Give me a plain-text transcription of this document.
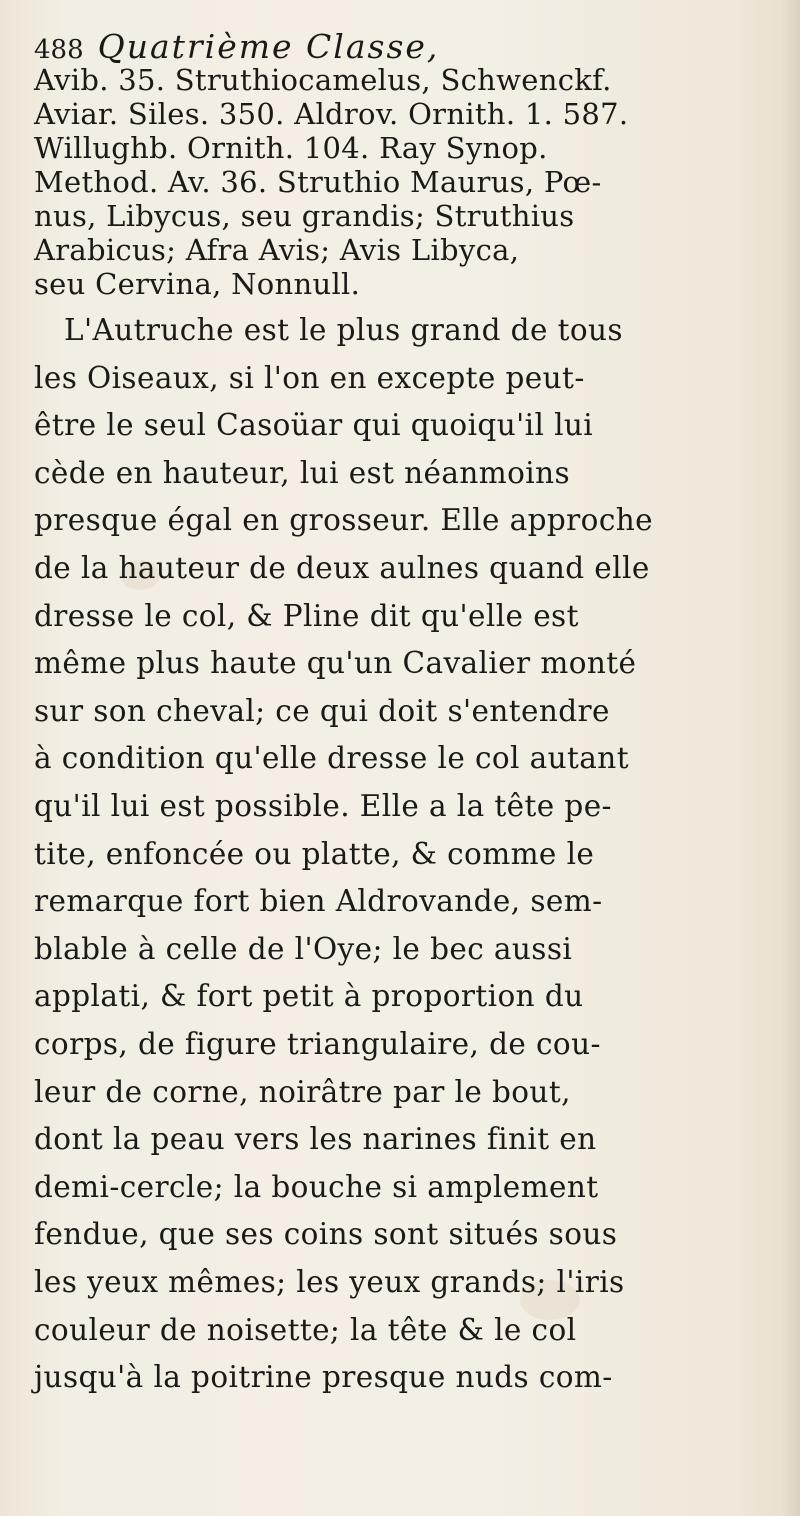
488 Quatrième Classe,
Avib. 35. Struthiocamelus, Schwenckf.
Aviar. Siles. 350. Aldrov. Ornith. 1. 587.
Willughb. Ornith. 104. Ray Synop.
Method. Av. 36. Struthio Maurus, Pœ-
nus, Libycus, seu grandis; Struthius
Arabicus; Afra Avis; Avis Libyca,
seu Cervina, Nonnull.
L'Autruche est le plus grand de tous
les Oiseaux, si l'on en excepte peut-
être le seul Casoüar qui quoiqu'il lui
cède en hauteur, lui est néanmoins
presque égal en grosseur. Elle approche
de la hauteur de deux aulnes quand elle
dresse le col, & Pline dit qu'elle est
même plus haute qu'un Cavalier monté
sur son cheval; ce qui doit s'entendre
à condition qu'elle dresse le col autant
qu'il lui est possible. Elle a la tête pe-
tite, enfoncée ou platte, & comme le
remarque fort bien Aldrovande, sem-
blable à celle de l'Oye; le bec aussi
applati, & fort petit à proportion du
corps, de figure triangulaire, de cou-
leur de corne, noirâtre par le bout,
dont la peau vers les narines finit en
demi-cercle; la bouche si amplement
fendue, que ses coins sont situés sous
les yeux mêmes; les yeux grands; l'iris
couleur de noisette; la tête & le col
jusqu'à la poitrine presque nuds com-
